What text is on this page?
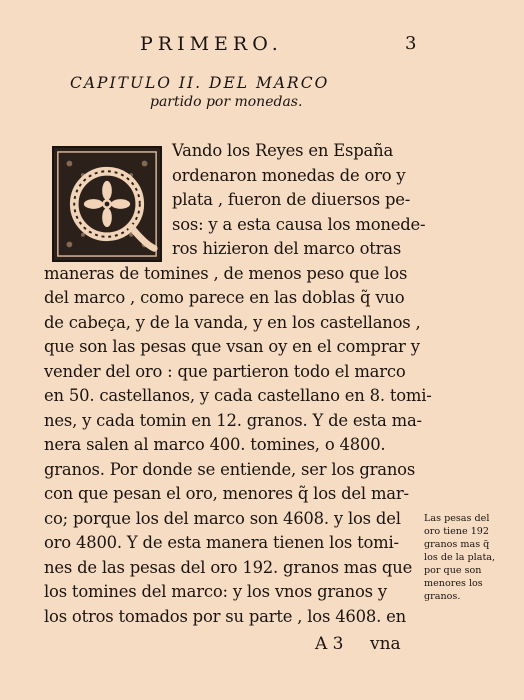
PRIMERO.	3
CAPITULO II. DEL MARCO
partido por monedas.
Vando los Reyes en España
ordenaron monedas de oro y
plata , fueron de diuersos pe-
sos: y a esta causa los monede-
ros hizieron del marco otras
maneras de tomines , de menos peso que los
del marco , como parece en las doblas q̃ vuo
de cabeça, y de la vanda, y en los castellanos ,
que son las pesas que vsan oy en el comprar y
vender del oro : que partieron todo el marco
en 50. castellanos, y cada castellano en 8. tomi-
nes, y cada tomin en 12. granos. Y de esta ma-
nera salen al marco 400. tomines, o 4800.
granos. Por donde se entiende, ser los granos
con que pesan el oro, menores q̃ los del mar-
co; porque los del marco son 4608. y los del
oro 4800. Y de esta manera tienen los tomi-
nes de las pesas del oro 192. granos mas que
los tomines del marco: y los vnos granos y
los otros tomados por su parte , los 4608. en
Las pesas del
oro tiene 192
granos mas q̃
los de la plata,
por que son
menores los
granos.
A 3 vna
